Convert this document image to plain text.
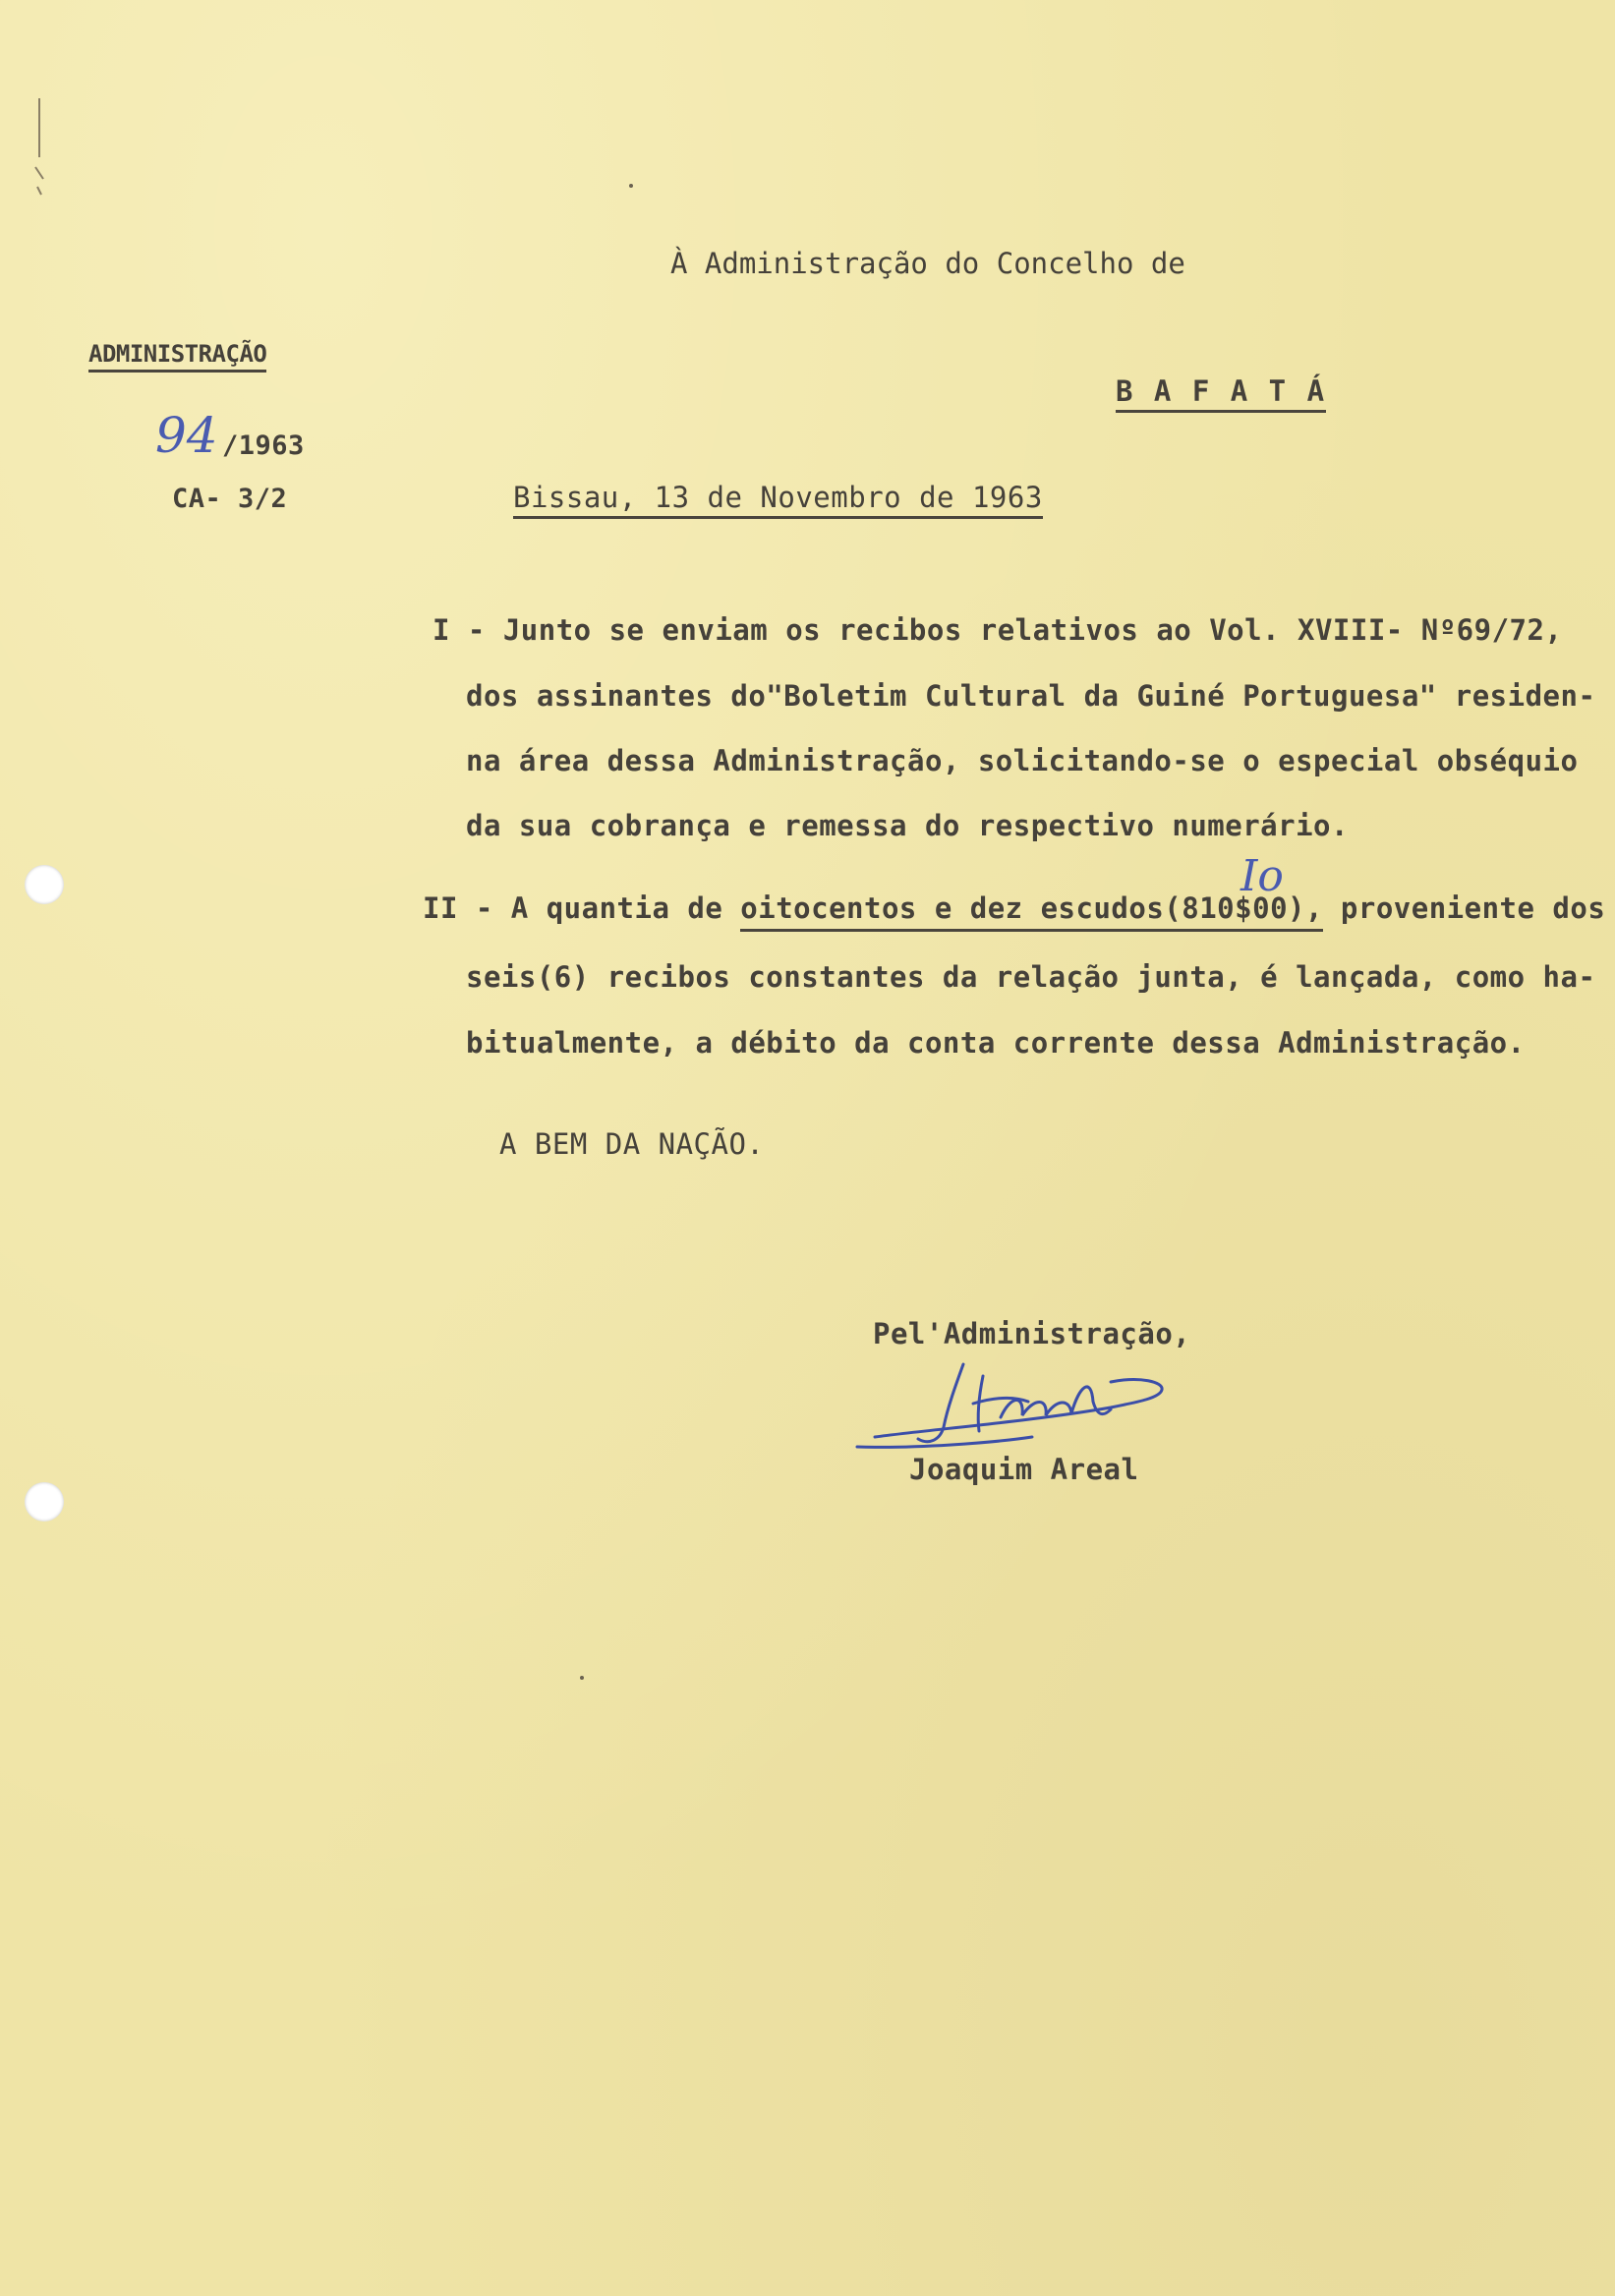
À Administração do Concelho de
B A F A T Á
ADMINISTRAÇÃO
94 /1963
CA- 3/2	Bissau, 13 de Novembro de 1963
I - Junto se enviam os recibos relativos ao Vol. XVIII- Nº69/72,
dos assinantes do"Boletim Cultural da Guiné Portuguesa" residen-
na área dessa Administração, solicitando-se o especial obséquio
da sua cobrança e remessa do respectivo numerário.
II - A quantia de oitocentos e dez escudos(810$00), proveniente dos
Io
seis(6) recibos constantes da relação junta, é lançada, como ha-
bitualmente, a débito da conta corrente dessa Administração.
A BEM DA NAÇÃO.
Pel'Administração,
Joaquim Areal
